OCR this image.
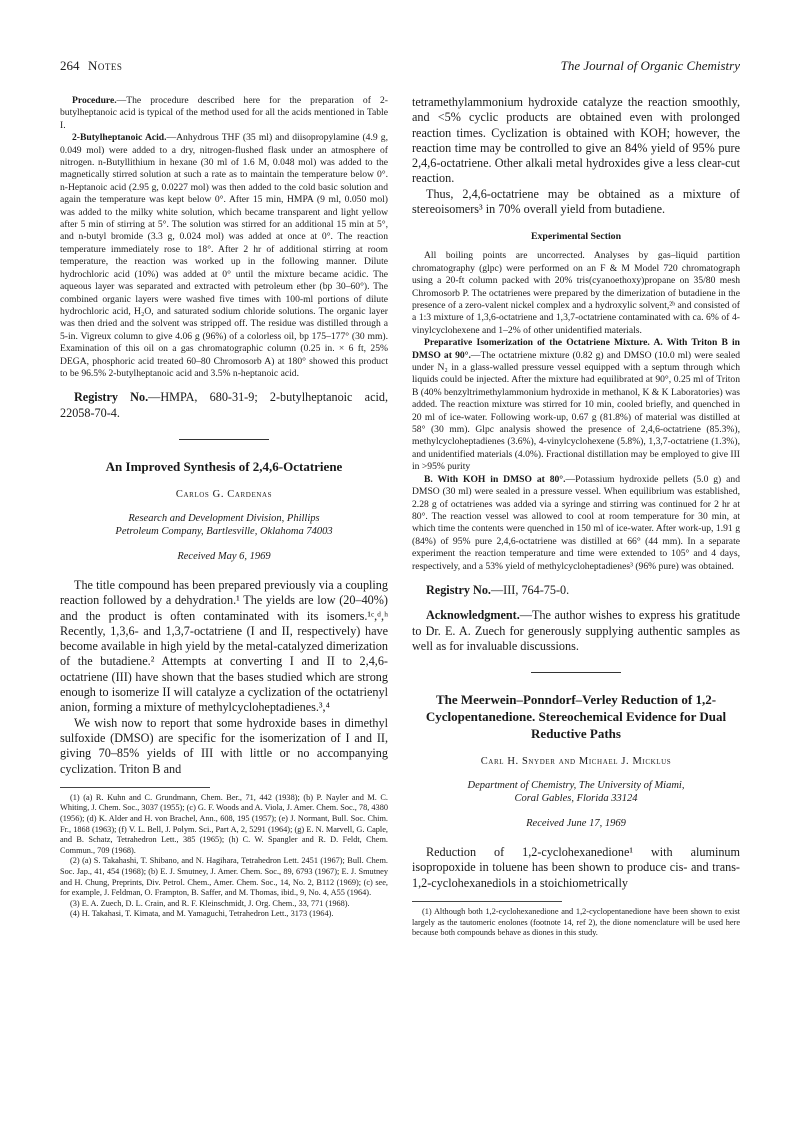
264 Notes	The Journal of Organic Chemistry

Procedure.—The procedure described here for the preparation of 2-butylheptanoic acid is typical of the method used for all the acids mentioned in Table I.

2-Butylheptanoic Acid.—Anhydrous THF (35 ml) and diisopropylamine (4.9 g, 0.049 mol) were added to a dry, nitrogen-flushed flask under an atmosphere of nitrogen. n-Butyllithium in hexane (30 ml of 1.6 M, 0.048 mol) was added to the magnetically stirred solution at such a rate as to maintain the temperature below 0°. n-Heptanoic acid (2.95 g, 0.0227 mol) was then added to the cold basic solution and again the temperature was kept below 0°. After 15 min, HMPA (9 ml, 0.050 mol) was added to the milky white solution, which became transparent and light yellow after 5 min of stirring at 5°. The solution was stirred for an additional 15 min at 5°, and n-butyl bromide (3.3 g, 0.024 mol) was added at once at 0°. The reaction temperature immediately rose to 18°. After 2 hr of additional stirring at room temperature, the reaction was worked up in the following manner. Dilute hydrochloric acid (10%) was added at 0° until the mixture became acidic. The aqueous layer was separated and extracted with petroleum ether (bp 30–60°). The combined organic layers were washed five times with 100-ml portions of dilute hydrochloric acid, H₂O, and saturated sodium chloride solutions. The organic layer was then dried and the solvent was stripped off. The residue was distilled through a 5-in. Vigreux column to give 4.06 g (96%) of a colorless oil, bp 175–177° (30 mm). Examination of this oil on a gas chromatographic column (0.25 in. × 6 ft, 25% DEGA, phosphoric acid treated 60–80 Chromosorb A) at 180° showed this product to be 96.5% 2-butylheptanoic acid and 3.5% n-heptanoic acid.

Registry No.—HMPA, 680-31-9; 2-butylheptanoic acid, 22058-70-4.

An Improved Synthesis of 2,4,6-Octatriene

Carlos G. Cardenas

Research and Development Division, Phillips
Petroleum Company, Bartlesville, Oklahoma 74003

Received May 6, 1969

The title compound has been prepared previously via a coupling reaction followed by a dehydration.¹ The yields are low (20–40%) and the product is often contaminated with its isomers.¹ᶜ,ᵈ,ʰ Recently, 1,3,6- and 1,3,7-octatriene (I and II, respectively) have become available in high yield by the metal-catalyzed dimerization of the butadiene.² Attempts at converting I and II to 2,4,6-octatriene (III) have shown that the bases studied which are strong enough to isomerize II will catalyze a cyclization of the octatrienyl anion, forming a mixture of methylcycloheptadienes.³,⁴

We wish now to report that some hydroxide bases in dimethyl sulfoxide (DMSO) are specific for the isomerization of I and II, giving 70–85% yields of III with little or no accompanying cyclization. Triton B and

(1) (a) R. Kuhn and C. Grundmann, Chem. Ber., 71, 442 (1938); (b) P. Nayler and M. C. Whiting, J. Chem. Soc., 3037 (1955); (c) G. F. Woods and A. Viola, J. Amer. Chem. Soc., 78, 4380 (1956); (d) K. Alder and H. von Brachel, Ann., 608, 195 (1957); (e) J. Normant, Bull. Soc. Chim. Fr., 1868 (1963); (f) V. L. Bell, J. Polym. Sci., Part A, 2, 5291 (1964); (g) E. N. Marvell, G. Caple, and B. Schatz, Tetrahedron Lett., 385 (1965); (h) C. W. Spangler and R. D. Feldt, Chem. Commun., 709 (1968).

(2) (a) S. Takahashi, T. Shibano, and N. Hagihara, Tetrahedron Lett. 2451 (1967); Bull. Chem. Soc. Jap., 41, 454 (1968); (b) E. J. Smutney, J. Amer. Chem. Soc., 89, 6793 (1967); E. J. Smutney and H. Chung, Preprints, Div. Petrol. Chem., Amer. Chem. Soc., 14, No. 2, B112 (1969); (c) see, for example, J. Feldman, O. Frampton, B. Saffer, and M. Thomas, ibid., 9, No. 4, A55 (1964).

(3) E. A. Zuech, D. L. Crain, and R. F. Kleinschmidt, J. Org. Chem., 33, 771 (1968).

(4) H. Takahasi, T. Kimata, and M. Yamaguchi, Tetrahedron Lett., 3173 (1964).

tetramethylammonium hydroxide catalyze the reaction smoothly, and <5% cyclic products are obtained even with prolonged reaction times. Cyclization is obtained with KOH; however, the reaction time may be controlled to give an 84% yield of 95% pure 2,4,6-octatriene. Other alkali metal hydroxides give a less clear-cut reaction.

Thus, 2,4,6-octatriene may be obtained as a mixture of stereoisomers³ in 70% overall yield from butadiene.

Experimental Section

All boiling points are uncorrected. Analyses by gas–liquid partition chromatography (glpc) were performed on an F & M Model 720 chromatograph using a 20-ft column packed with 20% tris(cyanoethoxy)propane on 35/80 mesh Chromosorb P. The octatrienes were prepared by the dimerization of butadiene in the presence of a zero-valent nickel complex and a hydroxylic solvent,²ᵇ and consisted of a 1:3 mixture of 1,3,6-octatriene and 1,3,7-octatriene contaminated with ca. 6% of 4-vinylcyclohexene and 1–2% of other unidentified materials.

Preparative Isomerization of the Octatriene Mixture. A. With Triton B in DMSO at 90°.—The octatriene mixture (0.82 g) and DMSO (10.0 ml) were sealed under N₂ in a glass-walled pressure vessel equipped with a septum through which liquids could be injected. After the mixture had equilibrated at 90°, 0.25 ml of Triton B (40% benzyltrimethylammonium hydroxide in methanol, K & K Laboratories) was added. The reaction mixture was stirred for 10 min, cooled briefly, and quenched in 20 ml of ice-water. Following work-up, 0.67 g (81.8%) of material was distilled at 58° (30 mm). Glpc analysis showed the presence of 2,4,6-octatriene (85.3%), methylcycloheptadienes (3.6%), 4-vinylcyclohexene (5.8%), 1,3,7-octatriene (1.3%), and unidentified materials (4.0%). Fractional distillation may be employed to give III in >95% purity

B. With KOH in DMSO at 80°.—Potassium hydroxide pellets (5.0 g) and DMSO (30 ml) were sealed in a pressure vessel. When equilibrium was established, 2.28 g of octatrienes was added via a syringe and stirring was continued for 2 hr at 80°. The reaction vessel was allowed to cool at room temperature for 30 min, at which time the contents were quenched in 150 ml of ice-water. After work-up, 1.91 g (84%) of 95% pure 2,4,6-octatriene was distilled at 66° (44 mm). In a separate experiment the reaction temperature and time were extended to 105° and 4 days, respectively, and a 53% yield of methylcycloheptadienes³ (96% pure) was obtained.

Registry No.—III, 764-75-0.

Acknowledgment.—The author wishes to express his gratitude to Dr. E. A. Zuech for generously supplying authentic samples as well as for invaluable discussions.

The Meerwein–Ponndorf–Verley Reduction of 1,2-Cyclopentanedione. Stereochemical Evidence for Dual Reductive Paths

Carl H. Snyder and Michael J. Micklus

Department of Chemistry, The University of Miami,
Coral Gables, Florida 33124

Received June 17, 1969

Reduction of 1,2-cyclohexanedione¹ with aluminum isopropoxide in toluene has been shown to produce cis- and trans-1,2-cyclohexanediols in a stoichiometrically

(1) Although both 1,2-cyclohexanedione and 1,2-cyclopentanedione have been shown to exist largely as the tautomeric enolones (footnote 14, ref 2), the dione nomenclature will be used here because both compounds behave as diones in this study.
